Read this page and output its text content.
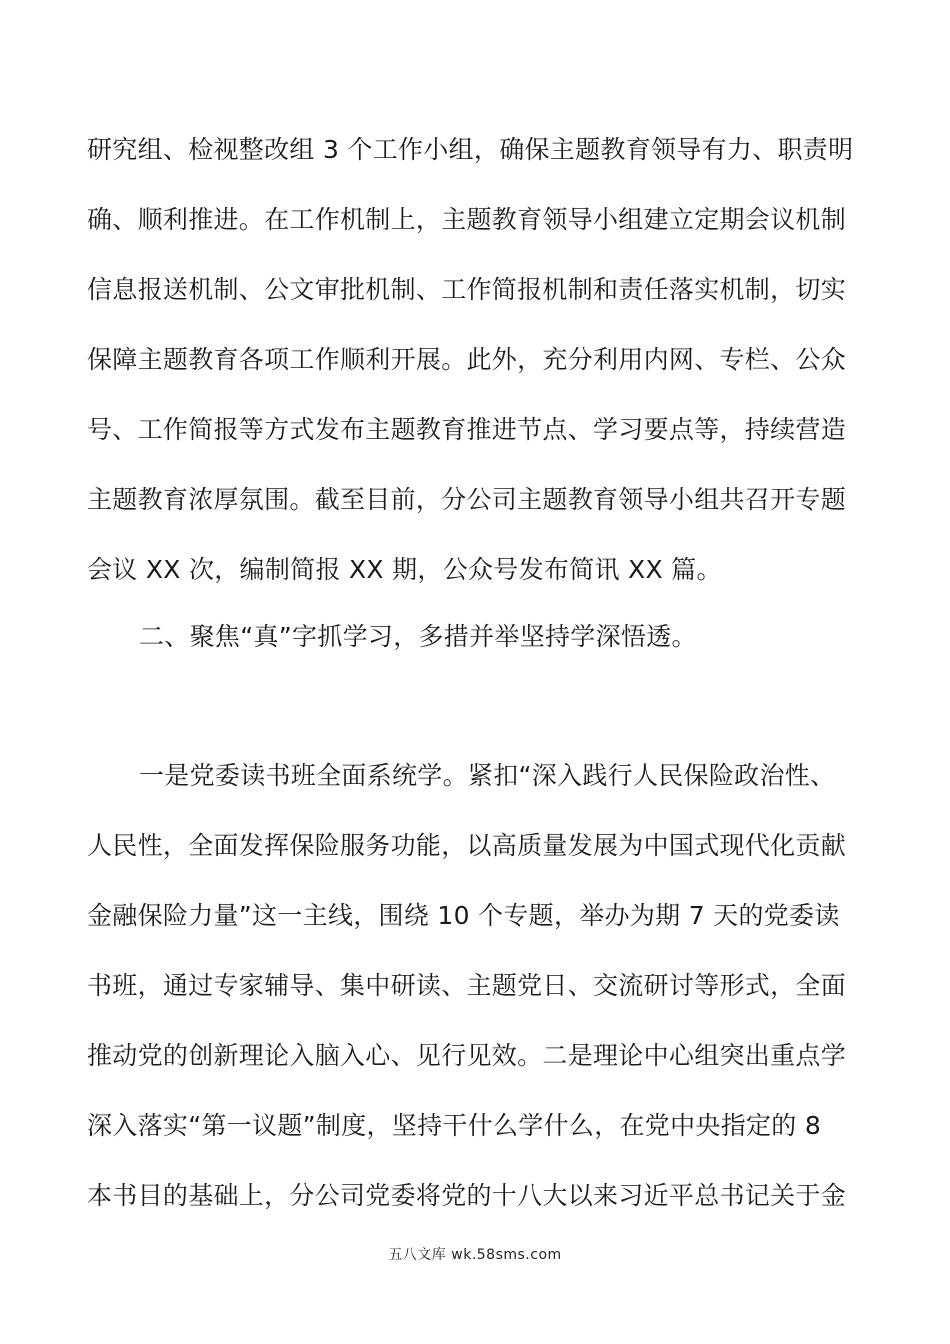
研究组、检视整改组 3 个工作小组，确保主题教育领导有力、职责明
确、顺利推进。在工作机制上，主题教育领导小组建立定期会议机制
信息报送机制、公文审批机制、工作简报机制和责任落实机制，切实
保障主题教育各项工作顺利开展。此外，充分利用内网、专栏、公众
号、工作简报等方式发布主题教育推进节点、学习要点等，持续营造
主题教育浓厚氛围。截至目前，分公司主题教育领导小组共召开专题
会议 XX 次，编制简报 XX 期，公众号发布简讯 XX 篇。
二、聚焦“真”字抓学习，多措并举坚持学深悟透。
一是党委读书班全面系统学。紧扣“深入践行人民保险政治性、
人民性，全面发挥保险服务功能，以高质量发展为中国式现代化贡献
金融保险力量”这一主线，围绕 10 个专题，举办为期 7 天的党委读
书班，通过专家辅导、集中研读、主题党日、交流研讨等形式，全面
推动党的创新理论入脑入心、见行见效。二是理论中心组突出重点学
深入落实“第一议题”制度，坚持干什么学什么，在党中央指定的 8
本书目的基础上，分公司党委将党的十八大以来习近平总书记关于金
五八文库 wk.58sms.com
